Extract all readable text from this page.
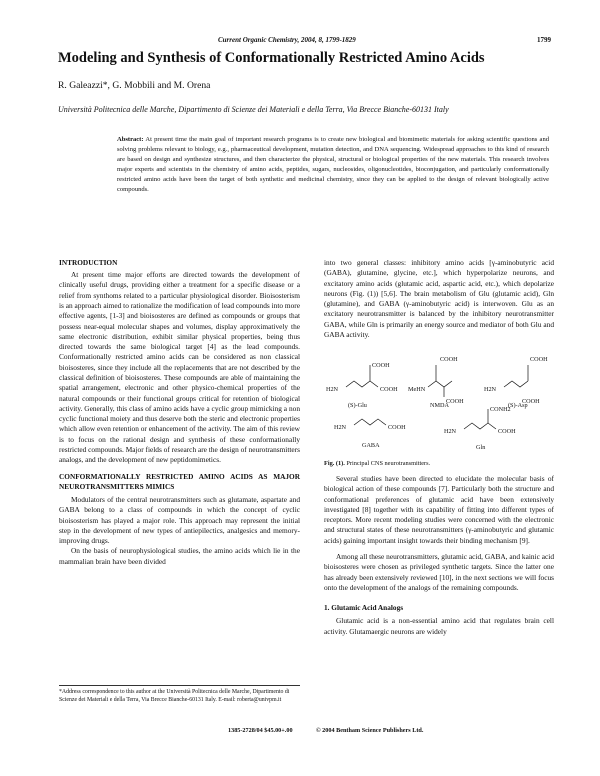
Current Organic Chemistry, 2004, 8, 1799-1829	1799
Modeling and Synthesis of Conformationally Restricted Amino Acids
R. Galeazzi*, G. Mobbili and M. Orena
Università Politecnica delle Marche, Dipartimento di Scienze dei Materiali e della Terra, Via Brecce Bianche-60131 Italy
Abstract: At present time the main goal of important research programs is to create new biological and biomimetic materials for asking scientific questions and solving problems relevant to biology, e.g., pharmaceutical development, mutation detection, and DNA sequencing. Widespread approaches to this kind of research are based on design and synthesize structures, and then characterize the physical, structural or biological properties of the new materials. This research involves major experts and scientists in the chemistry of amino acids, peptides, sugars, nucleosides, oligonucleotides, bioconjugation, and particularly conformationally restricted amino acids have been the target of both synthetic and medicinal chemistry, since they can be applied to the design of relevant biologically active compounds.
INTRODUCTION

At present time major efforts are directed towards the development of clinically useful drugs, providing either a treatment for a specific disease or a relief from synthoms related to a particular physiological disorder. Bioisosterism is an approach aimed to rationalize the modification of lead compounds into more effective agents, [1-3] and bioisosteres are defined as compounds or groups that possess near-equal molecular shapes and volumes, display approximatively the same electronic distribution, exhibit similar physical properties, being thus directed towards the same biological target [4] as the lead compounds. Conformationally restricted amino acids can be considered as non classical bioisosteres, since they include all the replacements that are not described by the classical definition of bioisosteres. These compounds are able of maintaining the spatial arrangement, electronic and other physico-chemical properties of the natural compounds or their functional groups critical for retention of biological activity. Generally, this class of amino acids have a cyclic group mimicking a non cyclic functional moiety and thus deserve both the steric and electronic properties which allow even retention or enhancement of the activity. The aim of this review is to focus on the rational design and synthesis of these conformationally restricted compounds. Major fields of research are the design of neurotransmitters analogs, and the development of new peptidomimetics.

CONFORMATIONALLY RESTRICTED AMINO ACIDS AS MAJOR NEUROTRANSMITTERS MIMICS

Modulators of the central neurotransmitters such as glutamate, aspartate and GABA belong to a class of compounds in which the concept of cyclic bioisosterism has played a major role. This approach may represent the initial step in the development of new types of antiepilectics, analgesics and memory-improving drugs.

On the basis of neurophysiological studies, the amino acids which lie in the mammalian brain have been divided

into two general classes: inhibitory amino acids [γ-aminobutyric acid (GABA), glutamine, glycine, etc.], which hyperpolarize neurons, and excitatory amino acids (glutamic acid, aspartic acid, etc.), which depolarize neurons (Fig. (1)) [5,6]. The brain metabolism of Glu (glutamic acid), Gln (glutamine), and GABA (γ-aminobutyric acid) is interwoven. Glu as an excitatory neurotransmitter is balanced by the inhibitory neurotransmitter GABA, while Gln is primarily an energy source and mediator of both Glu and GABA activity.

COOH
H2N	COOH
(S)-Glu
COOH
MeHN
COOH
NMDA
COOH
H2N
COOH
(S)-Asp
H2N	COOH
GABA
CONH2
H2N	COOH
Gln
Fig. (1). Principal CNS neurotransmitters.

Several studies have been directed to elucidate the molecular basis of biological action of these compounds [7]. Particularly both the structure and conformational preferences of glutamic acid have been extensively investigated [8] together with its capability of fitting into different types of receptors. More recent modeling studies were concerned with the electronic and structural states of these neurotransmitters (γ-aminobutyric and glutamic acids) gaining important insight towards their binding mechanism [9].

Among all these neurotransmitters, glutamic acid, GABA, and kainic acid bioisosteres were chosen as privileged synthetic targets. Since the latter one has already been extensively reviewed [10], in the next sections we will focus onto the development of the analogs of the remaining compounds.

1. Glutamic Acid Analogs

Glutamic acid is a non-essential amino acid that regulates brain cell activity. Glutamaergic neurons are widely

*Address correspondence to this author at the Università Politecnica delle Marche, Dipartimento di Scienze dei Materiali e della Terra, Via Brecce Bianche-60131 Italy. E-mail: roberta@univpm.it
1385-2728/04 $45.00+.00	© 2004 Bentham Science Publishers Ltd.
